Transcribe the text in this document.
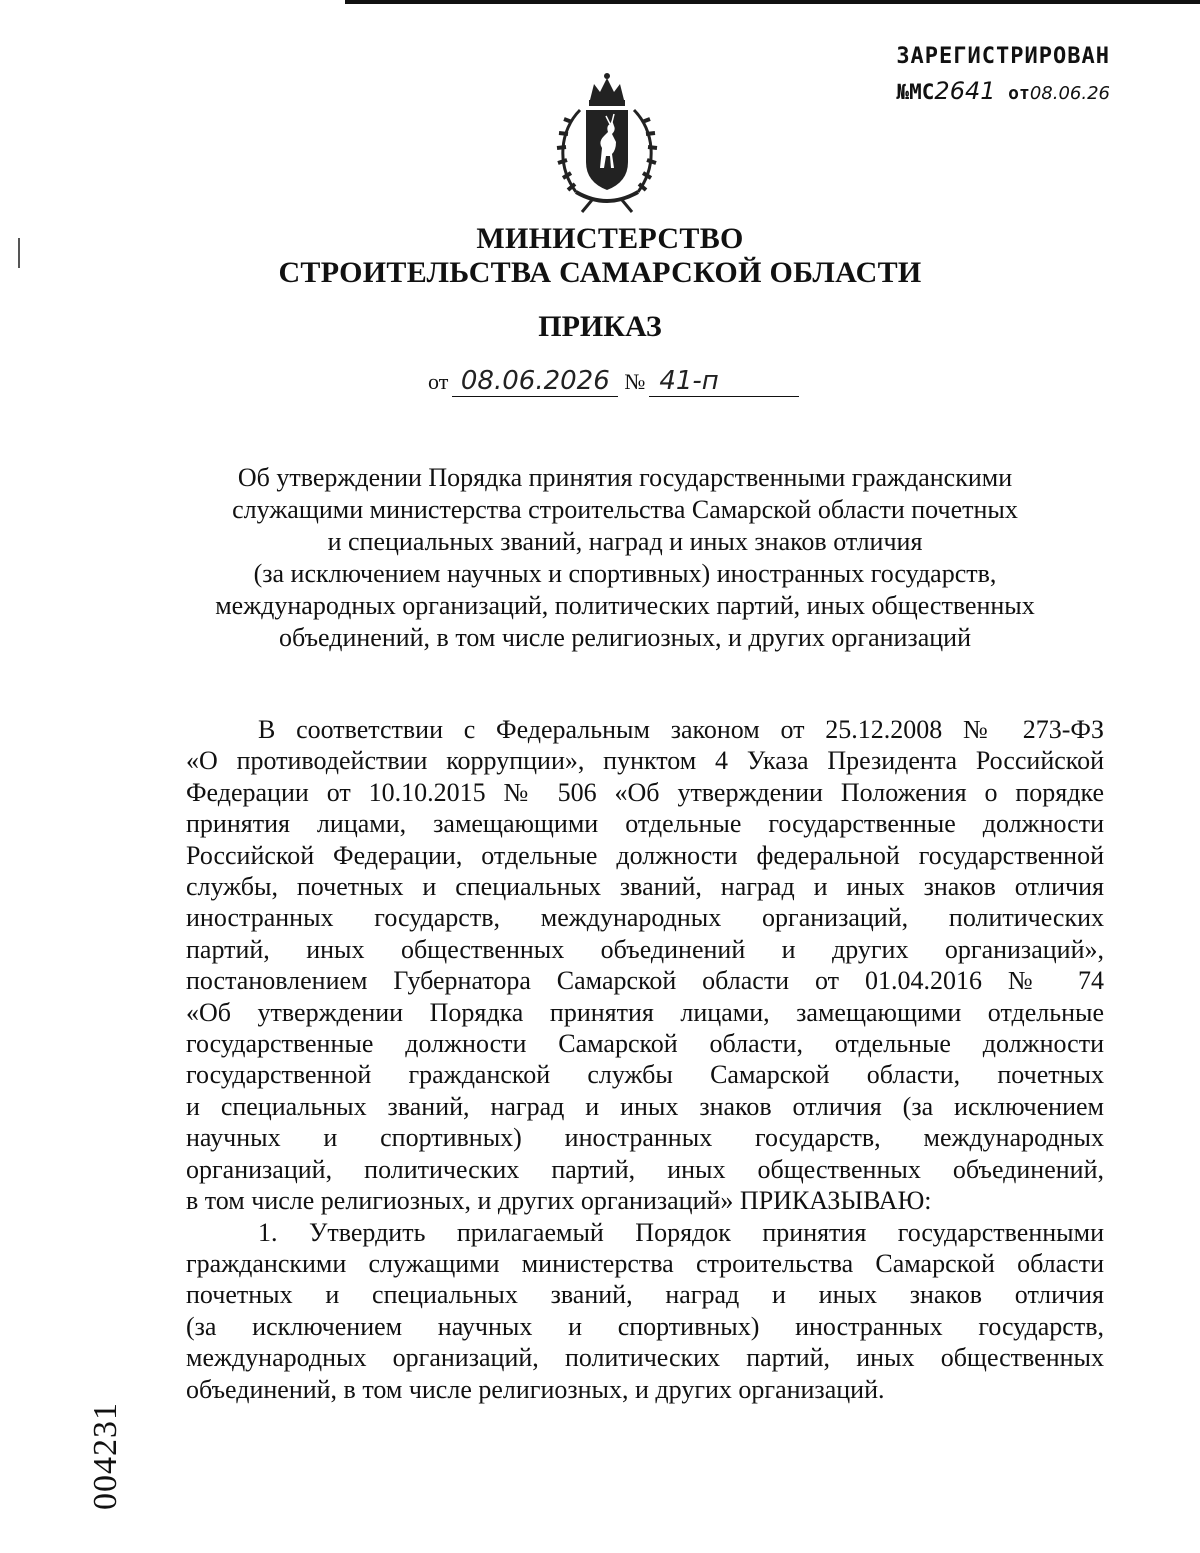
ЗАРЕГИСТРИРОВАН
№МС2641 от08.06.26
МИНИСТЕРСТВО
СТРОИТЕЛЬСТВА САМАРСКОЙ ОБЛАСТИ
ПРИКАЗ
от 08.06.2026 № 41-п
Об утверждении Порядка принятия государственными гражданскими
служащими министерства строительства Самарской области почетных
и специальных званий, наград и иных знаков отличия
(за исключением научных и спортивных) иностранных государств,
международных организаций, политических партий, иных общественных
объединений, в том числе религиозных, и других организаций
В соответствии с Федеральным законом от 25.12.2008 № 273-ФЗ
«О противодействии коррупции», пунктом 4 Указа Президента Российской
Федерации от 10.10.2015 № 506 «Об утверждении Положения о порядке
принятия лицами, замещающими отдельные государственные должности
Российской Федерации, отдельные должности федеральной государственной
службы, почетных и специальных званий, наград и иных знаков отличия
иностранных государств, международных организаций, политических
партий, иных общественных объединений и других организаций»,
постановлением Губернатора Самарской области от 01.04.2016 № 74
«Об утверждении Порядка принятия лицами, замещающими отдельные
государственные должности Самарской области, отдельные должности
государственной гражданской службы Самарской области, почетных
и специальных званий, наград и иных знаков отличия (за исключением
научных и спортивных) иностранных государств, международных
организаций, политических партий, иных общественных объединений,
в том числе религиозных, и других организаций» ПРИКАЗЫВАЮ:
1. Утвердить прилагаемый Порядок принятия государственными
гражданскими служащими министерства строительства Самарской области
почетных и специальных званий, наград и иных знаков отличия
(за исключением научных и спортивных) иностранных государств,
международных организаций, политических партий, иных общественных
объединений, в том числе религиозных, и других организаций.
004231
